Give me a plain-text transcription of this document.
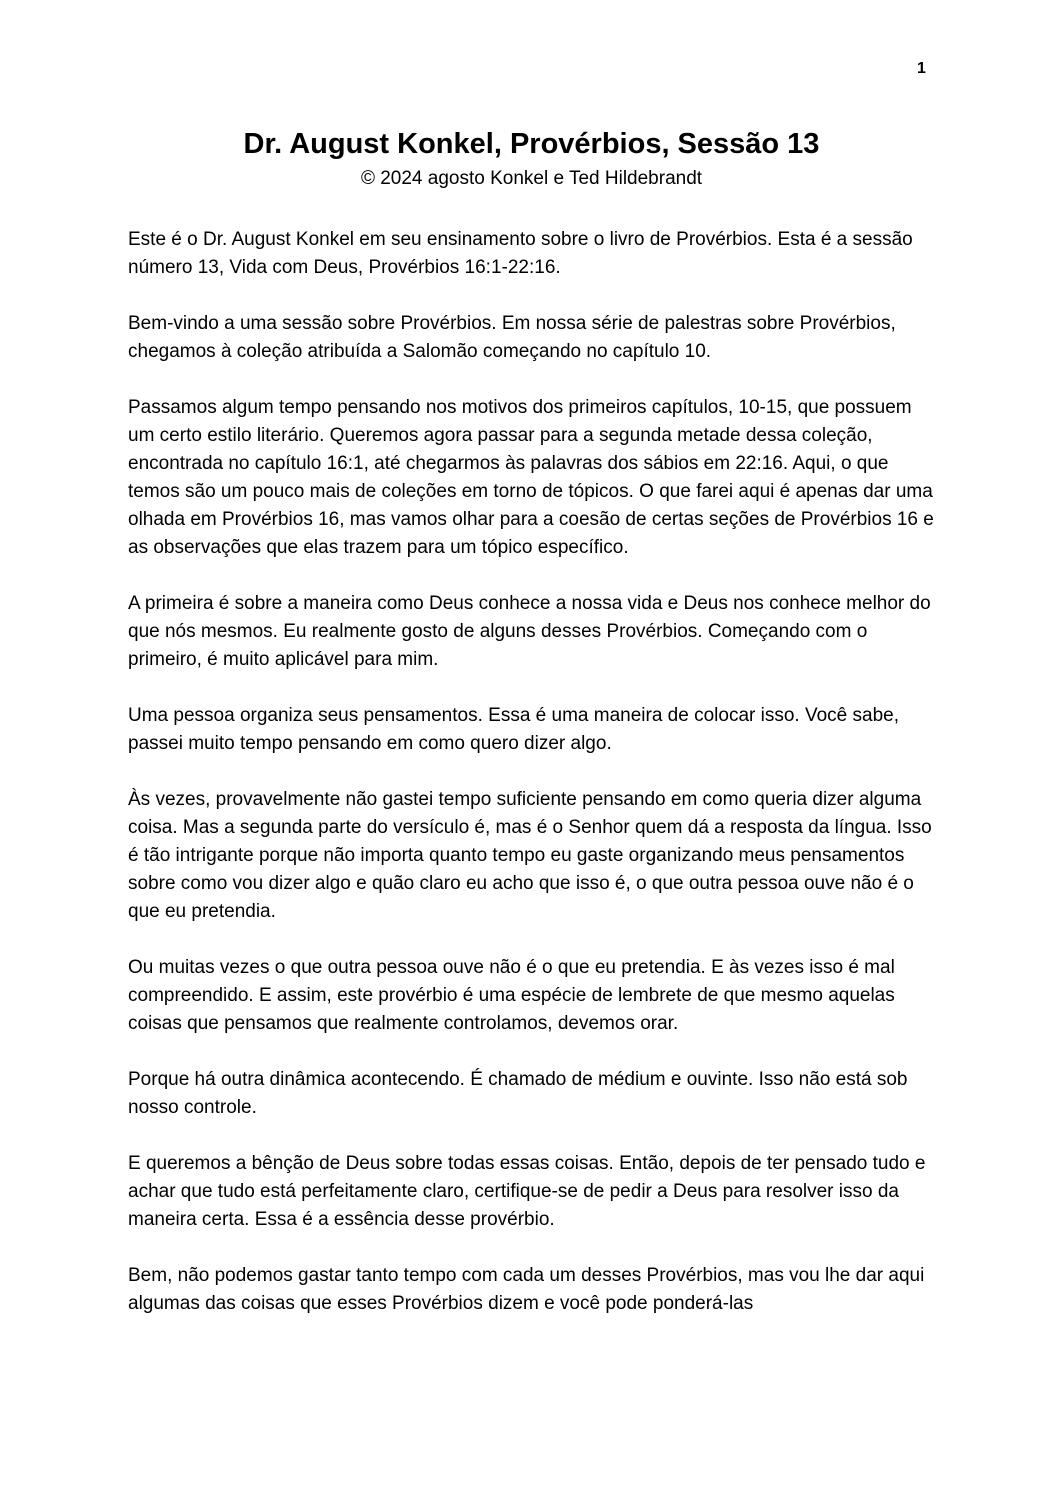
1
Dr. August Konkel, Provérbios, Sessão 13
© 2024 agosto Konkel e Ted Hildebrandt

Este é o Dr. August Konkel em seu ensinamento sobre o livro de Provérbios. Esta é a sessão número 13, Vida com Deus, Provérbios 16:1-22:16.

Bem-vindo a uma sessão sobre Provérbios. Em nossa série de palestras sobre Provérbios, chegamos à coleção atribuída a Salomão começando no capítulo 10.

Passamos algum tempo pensando nos motivos dos primeiros capítulos, 10-15, que possuem um certo estilo literário. Queremos agora passar para a segunda metade dessa coleção, encontrada no capítulo 16:1, até chegarmos às palavras dos sábios em 22:16. Aqui, o que temos são um pouco mais de coleções em torno de tópicos. O que farei aqui é apenas dar uma olhada em Provérbios 16, mas vamos olhar para a coesão de certas seções de Provérbios 16 e as observações que elas trazem para um tópico específico.

A primeira é sobre a maneira como Deus conhece a nossa vida e Deus nos conhece melhor do que nós mesmos. Eu realmente gosto de alguns desses Provérbios. Começando com o primeiro, é muito aplicável para mim.

Uma pessoa organiza seus pensamentos. Essa é uma maneira de colocar isso. Você sabe, passei muito tempo pensando em como quero dizer algo.

Às vezes, provavelmente não gastei tempo suficiente pensando em como queria dizer alguma coisa. Mas a segunda parte do versículo é, mas é o Senhor quem dá a resposta da língua. Isso é tão intrigante porque não importa quanto tempo eu gaste organizando meus pensamentos sobre como vou dizer algo e quão claro eu acho que isso é, o que outra pessoa ouve não é o que eu pretendia.

Ou muitas vezes o que outra pessoa ouve não é o que eu pretendia. E às vezes isso é mal compreendido. E assim, este provérbio é uma espécie de lembrete de que mesmo aquelas coisas que pensamos que realmente controlamos, devemos orar.

Porque há outra dinâmica acontecendo. É chamado de médium e ouvinte. Isso não está sob nosso controle.

E queremos a bênção de Deus sobre todas essas coisas. Então, depois de ter pensado tudo e achar que tudo está perfeitamente claro, certifique-se de pedir a Deus para resolver isso da maneira certa. Essa é a essência desse provérbio.

Bem, não podemos gastar tanto tempo com cada um desses Provérbios, mas vou lhe dar aqui algumas das coisas que esses Provérbios dizem e você pode ponderá-las
